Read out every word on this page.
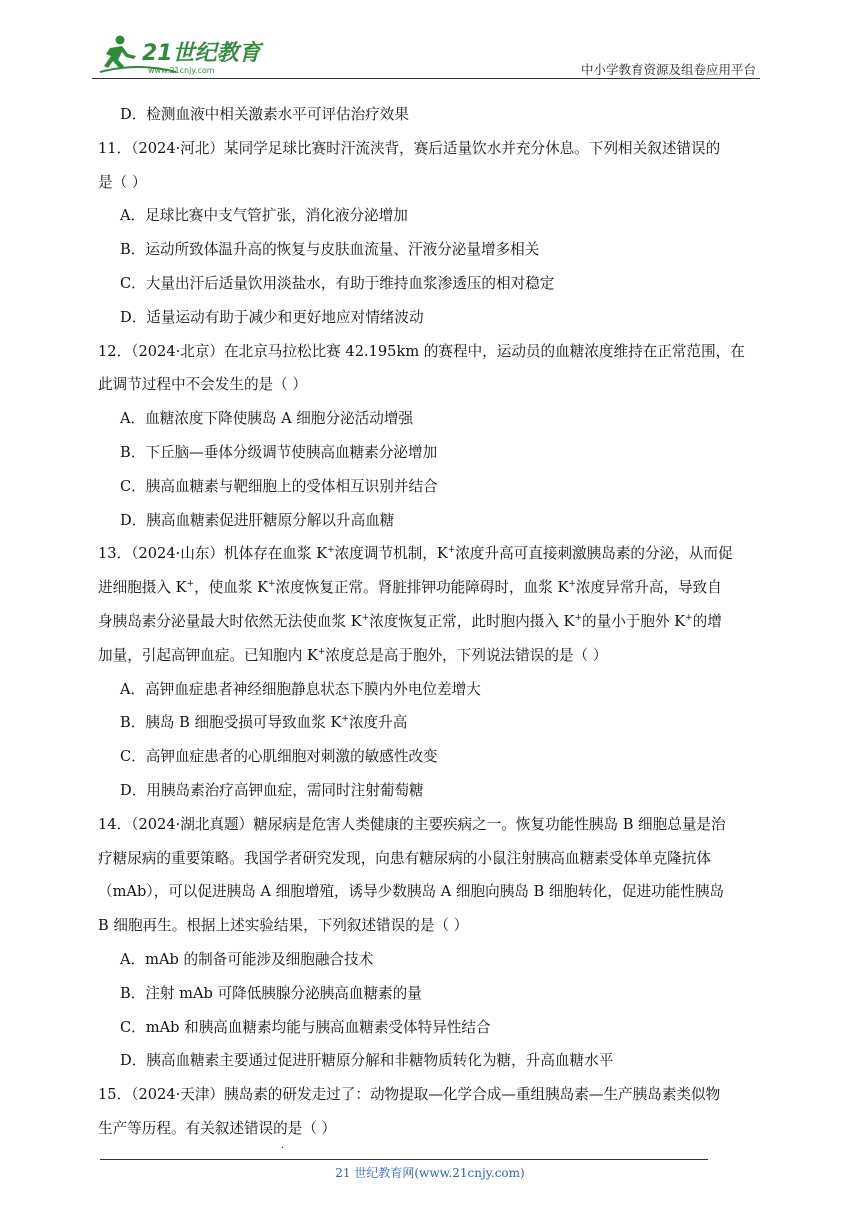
21世纪教育
www.21cnjy.com	中小学教育资源及组卷应用平台
D．检测血液中相关激素水平可评估治疗效果
11．（2024·河北）某同学足球比赛时汗流浃背，赛后适量饮水并充分休息。下列相关叙述错误的
是（ ）
A．足球比赛中支气管扩张，消化液分泌增加
B．运动所致体温升高的恢复与皮肤血流量、汗液分泌量增多相关
C．大量出汗后适量饮用淡盐水，有助于维持血浆渗透压的相对稳定
D．适量运动有助于减少和更好地应对情绪波动
12．（2024·北京）在北京马拉松比赛 42.195km 的赛程中，运动员的血糖浓度维持在正常范围，在
此调节过程中不会发生的是（ ）
A．血糖浓度下降使胰岛 A 细胞分泌活动增强
B．下丘脑—垂体分级调节使胰高血糖素分泌增加
C．胰高血糖素与靶细胞上的受体相互识别并结合
D．胰高血糖素促进肝糖原分解以升高血糖
13．（2024·山东）机体存在血浆 K+浓度调节机制，K+浓度升高可直接刺激胰岛素的分泌，从而促
进细胞摄入 K+，使血浆 K+浓度恢复正常。肾脏排钾功能障碍时，血浆 K+浓度异常升高，导致自
身胰岛素分泌量最大时依然无法使血浆 K+浓度恢复正常，此时胞内摄入 K+的量小于胞外 K+的增
加量，引起高钾血症。已知胞内 K+浓度总是高于胞外，下列说法错误的是（ ）
A．高钾血症患者神经细胞静息状态下膜内外电位差增大
B．胰岛 B 细胞受损可导致血浆 K+浓度升高
C．高钾血症患者的心肌细胞对刺激的敏感性改变
D．用胰岛素治疗高钾血症，需同时注射葡萄糖
14．（2024·湖北真题）糖尿病是危害人类健康的主要疾病之一。恢复功能性胰岛 B 细胞总量是治
疗糖尿病的重要策略。我国学者研究发现，向患有糖尿病的小鼠注射胰高血糖素受体单克隆抗体
（mAb），可以促进胰岛 A 细胞增殖，诱导少数胰岛 A 细胞向胰岛 B 细胞转化，促进功能性胰岛
B 细胞再生。根据上述实验结果，下列叙述错误的是（ ）
A．mAb 的制备可能涉及细胞融合技术
B．注射 mAb 可降低胰腺分泌胰高血糖素的量
C．mAb 和胰高血糖素均能与胰高血糖素受体特异性结合
D．胰高血糖素主要通过促进肝糖原分解和非糖物质转化为糖，升高血糖水平
15．（2024·天津）胰岛素的研发走过了：动物提取—化学合成—重组胰岛素—生产胰岛素类似物
生产等历程。有关叙述错误的是（ ）
·
21 世纪教育网(www.21cnjy.com)
